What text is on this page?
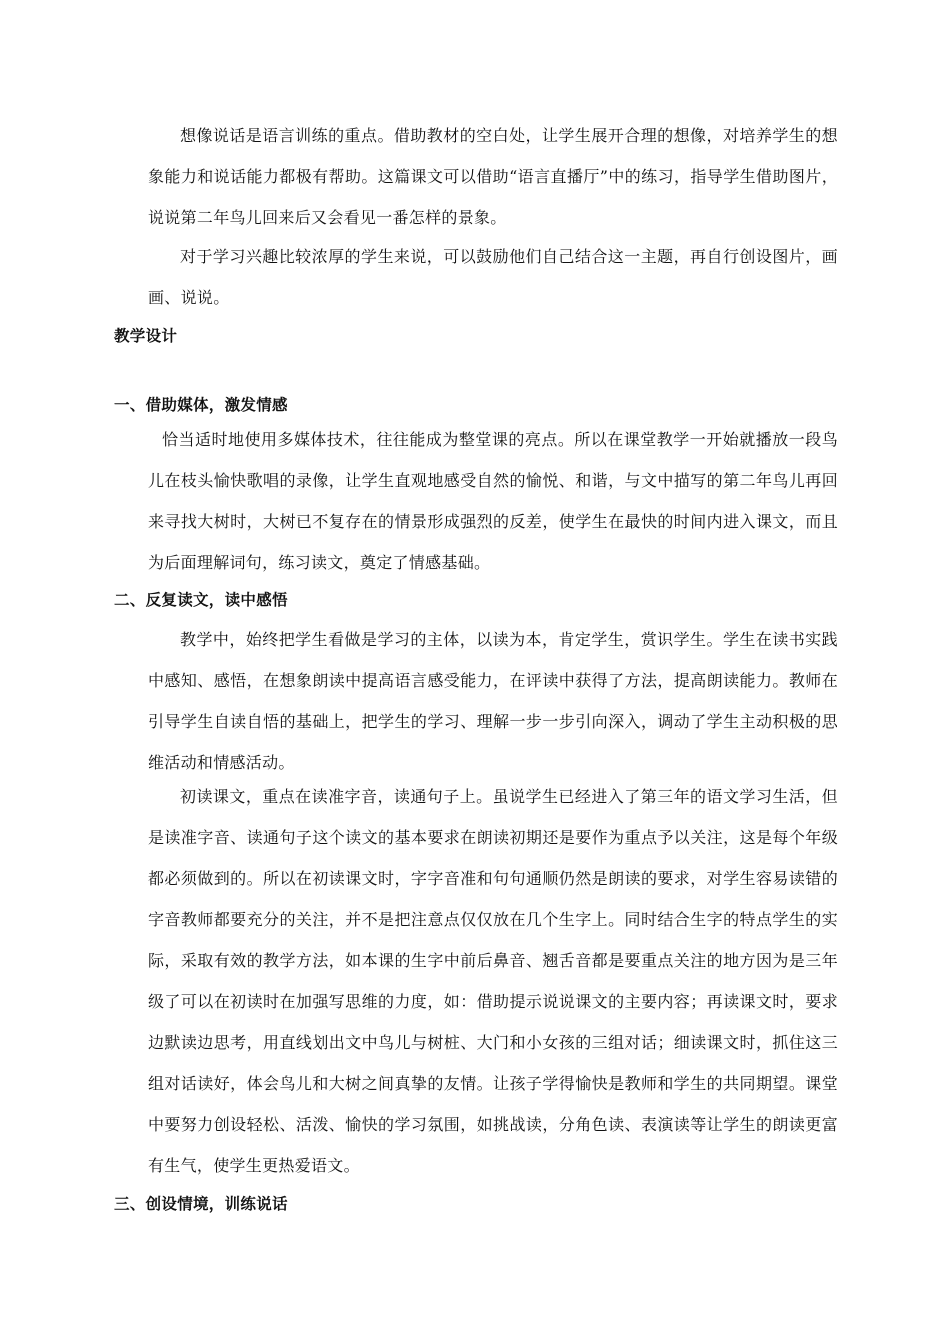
想像说话是语言训练的重点。借助教材的空白处，让学生展开合理的想像，对培养学生的想象能力和说话能力都极有帮助。这篇课文可以借助“语言直播厅”中的练习，指导学生借助图片，说说第二年鸟儿回来后又会看见一番怎样的景象。

对于学习兴趣比较浓厚的学生来说，可以鼓励他们自己结合这一主题，再自行创设图片，画画、说说。

教学设计

一、借助媒体，激发情感

恰当适时地使用多媒体技术，往往能成为整堂课的亮点。所以在课堂教学一开始就播放一段鸟儿在枝头愉快歌唱的录像，让学生直观地感受自然的愉悦、和谐，与文中描写的第二年鸟儿再回来寻找大树时，大树已不复存在的情景形成强烈的反差，使学生在最快的时间内进入课文，而且为后面理解词句，练习读文，奠定了情感基础。

二、反复读文，读中感悟

教学中，始终把学生看做是学习的主体，以读为本，肯定学生，赏识学生。学生在读书实践中感知、感悟，在想象朗读中提高语言感受能力，在评读中获得了方法，提高朗读能力。教师在引导学生自读自悟的基础上，把学生的学习、理解一步一步引向深入，调动了学生主动积极的思维活动和情感活动。

初读课文，重点在读准字音，读通句子上。虽说学生已经进入了第三年的语文学习生活，但是读准字音、读通句子这个读文的基本要求在朗读初期还是要作为重点予以关注，这是每个年级都必须做到的。所以在初读课文时，字字音准和句句通顺仍然是朗读的要求，对学生容易读错的字音教师都要充分的关注，并不是把注意点仅仅放在几个生字上。同时结合生字的特点学生的实际，采取有效的教学方法，如本课的生字中前后鼻音、翘舌音都是要重点关注的地方因为是三年级了可以在初读时在加强写思维的力度，如：借助提示说说课文的主要内容；再读课文时，要求边默读边思考，用直线划出文中鸟儿与树桩、大门和小女孩的三组对话；细读课文时，抓住这三组对话读好，体会鸟儿和大树之间真挚的友情。让孩子学得愉快是教师和学生的共同期望。课堂中要努力创设轻松、活泼、愉快的学习氛围，如挑战读，分角色读、表演读等让学生的朗读更富有生气，使学生更热爱语文。

三、创设情境，训练说话
